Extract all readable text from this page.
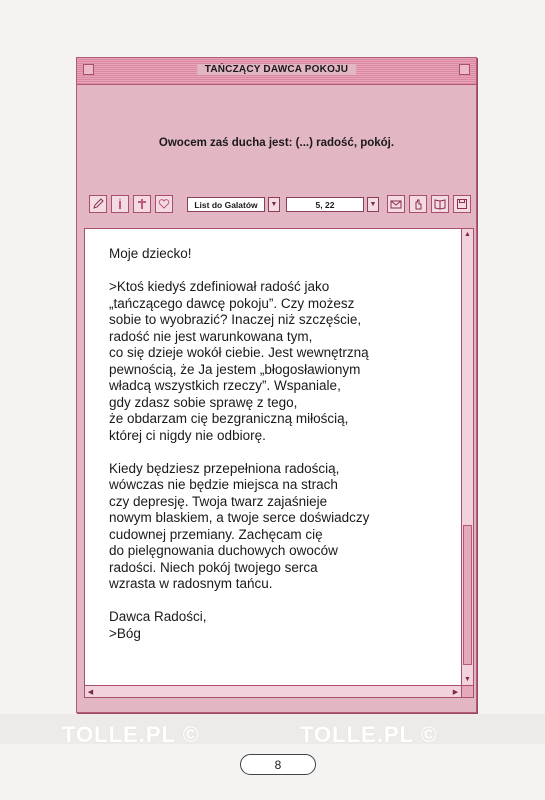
TAŃCZĄCY DAWCA POKOJU
Owocem zaś ducha jest: (...) radość, pokój.
List do Galatów	▼	5, 22	▼
Moje dziecko!
>Ktoś kiedyś zdefiniował radość jako
„tańczącego dawcę pokoju”. Czy możesz
sobie to wyobrazić? Inaczej niż szczęście,
radość nie jest warunkowana tym,
co się dzieje wokół ciebie. Jest wewnętrzną
pewnością, że Ja jestem „błogosławionym
władcą wszystkich rzeczy”. Wspaniale,
gdy zdasz sobie sprawę z tego,
że obdarzam cię bezgraniczną miłością,
której ci nigdy nie odbiorę.
Kiedy będziesz przepełniona radością,
wówczas nie będzie miejsca na strach
czy depresję. Twoja twarz zajaśnieje
nowym blaskiem, a twoje serce doświadczy
cudownej przemiany. Zachęcam cię
do pielęgnowania duchowych owoców
radości. Niech pokój twojego serca
wzrasta w radosnym tańcu.
Dawca Radości,
>Bóg
▲
▼
◀	▶
TOLLE.PL ©	TOLLE.PL ©
8
